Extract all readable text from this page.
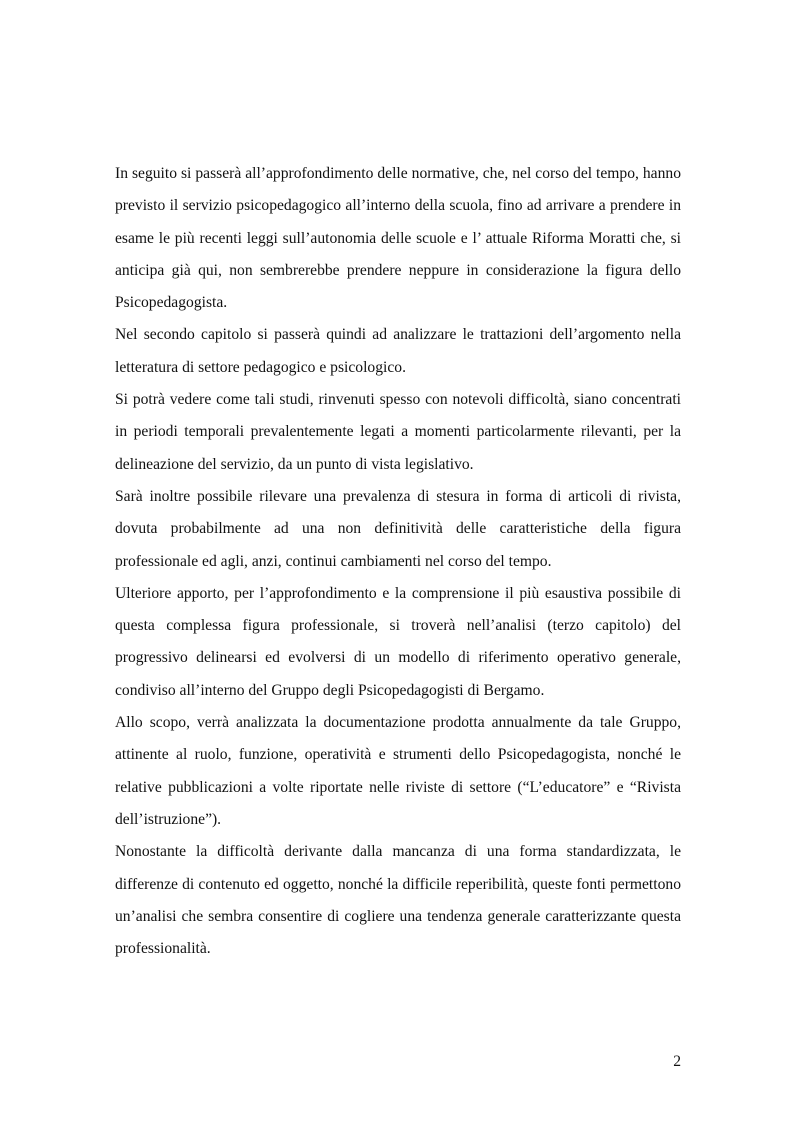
In seguito si passerà all’approfondimento delle normative, che, nel corso del tempo, hanno previsto il servizio psicopedagogico all’interno della scuola, fino ad arrivare a prendere in esame le più recenti leggi sull’autonomia delle scuole e l’ attuale Riforma Moratti che, si anticipa già qui, non sembrerebbe prendere neppure in considerazione la figura dello Psicopedagogista.

Nel secondo capitolo si passerà quindi ad analizzare le trattazioni dell’argomento nella letteratura di settore pedagogico e psicologico.

Si potrà vedere come tali studi, rinvenuti spesso con notevoli difficoltà, siano concentrati in periodi temporali prevalentemente legati a momenti particolarmente rilevanti, per la delineazione del servizio, da un punto di vista legislativo.

Sarà inoltre possibile rilevare una prevalenza di stesura in forma di articoli di rivista, dovuta probabilmente ad una non definitività delle caratteristiche della figura professionale ed agli, anzi, continui cambiamenti nel corso del tempo.

Ulteriore apporto, per l’approfondimento e la comprensione il più esaustiva possibile di questa complessa figura professionale, si troverà nell’analisi (terzo capitolo) del progressivo delinearsi ed evolversi di un modello di riferimento operativo generale, condiviso all’interno del Gruppo degli Psicopedagogisti di Bergamo.

Allo scopo, verrà analizzata la documentazione prodotta annualmente da tale Gruppo, attinente al ruolo, funzione, operatività e strumenti dello Psicopedagogista, nonché le relative pubblicazioni a volte riportate nelle riviste di settore (“L’educatore” e “Rivista dell’istruzione”).

Nonostante la difficoltà derivante dalla mancanza di una forma standardizzata, le differenze di contenuto ed oggetto, nonché la difficile reperibilità, queste fonti permettono un’analisi che sembra consentire di cogliere una tendenza generale caratterizzante questa professionalità.

2
